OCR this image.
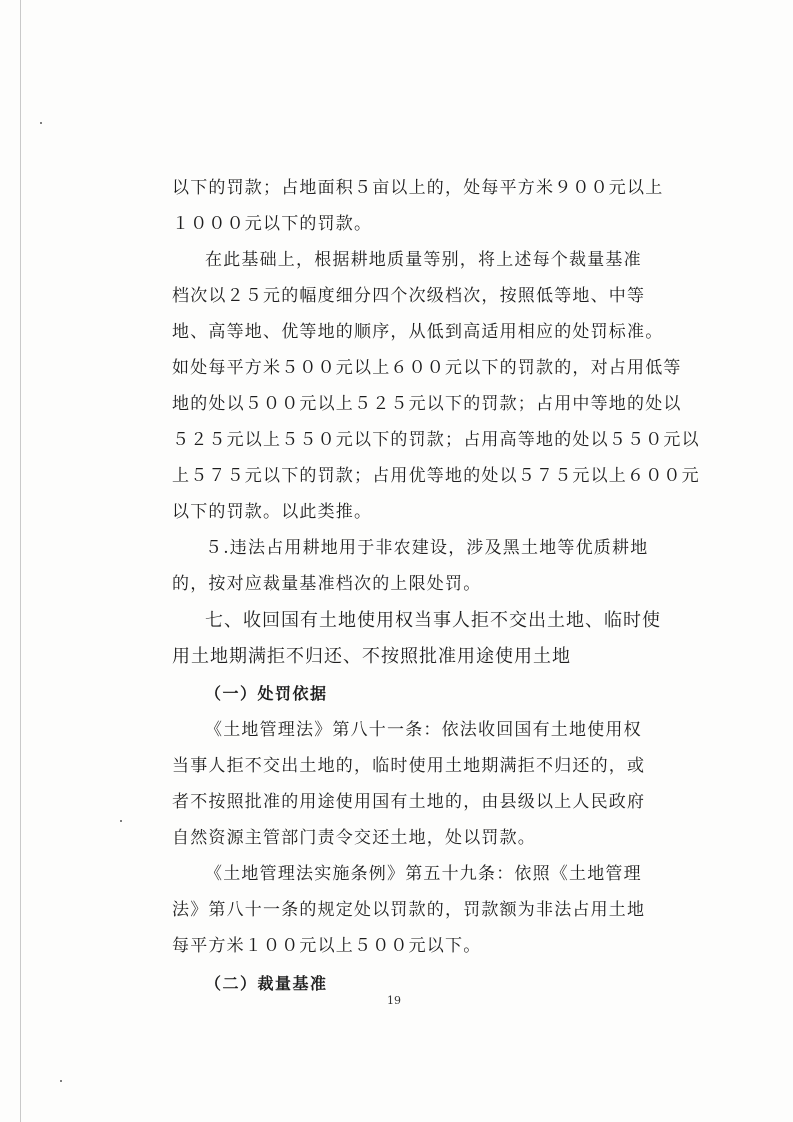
以下的罚款；占地面积５亩以上的，处每平方米９００元以上
１０００元以下的罚款。
在此基础上，根据耕地质量等别，将上述每个裁量基准
档次以２５元的幅度细分四个次级档次，按照低等地、中等
地、高等地、优等地的顺序，从低到高适用相应的处罚标准。
如处每平方米５００元以上６００元以下的罚款的，对占用低等
地的处以５００元以上５２５元以下的罚款；占用中等地的处以
５２５元以上５５０元以下的罚款；占用高等地的处以５５０元以
上５７５元以下的罚款；占用优等地的处以５７５元以上６００元
以下的罚款。以此类推。
５.违法占用耕地用于非农建设，涉及黑土地等优质耕地
的，按对应裁量基准档次的上限处罚。
七、收回国有土地使用权当事人拒不交出土地、临时使
用土地期满拒不归还、不按照批准用途使用土地
（一）处罚依据
《土地管理法》第八十一条：依法收回国有土地使用权
当事人拒不交出土地的，临时使用土地期满拒不归还的，或
者不按照批准的用途使用国有土地的，由县级以上人民政府
自然资源主管部门责令交还土地，处以罚款。
《土地管理法实施条例》第五十九条：依照《土地管理
法》第八十一条的规定处以罚款的，罚款额为非法占用土地
每平方米１００元以上５００元以下。
（二）裁量基准
19
